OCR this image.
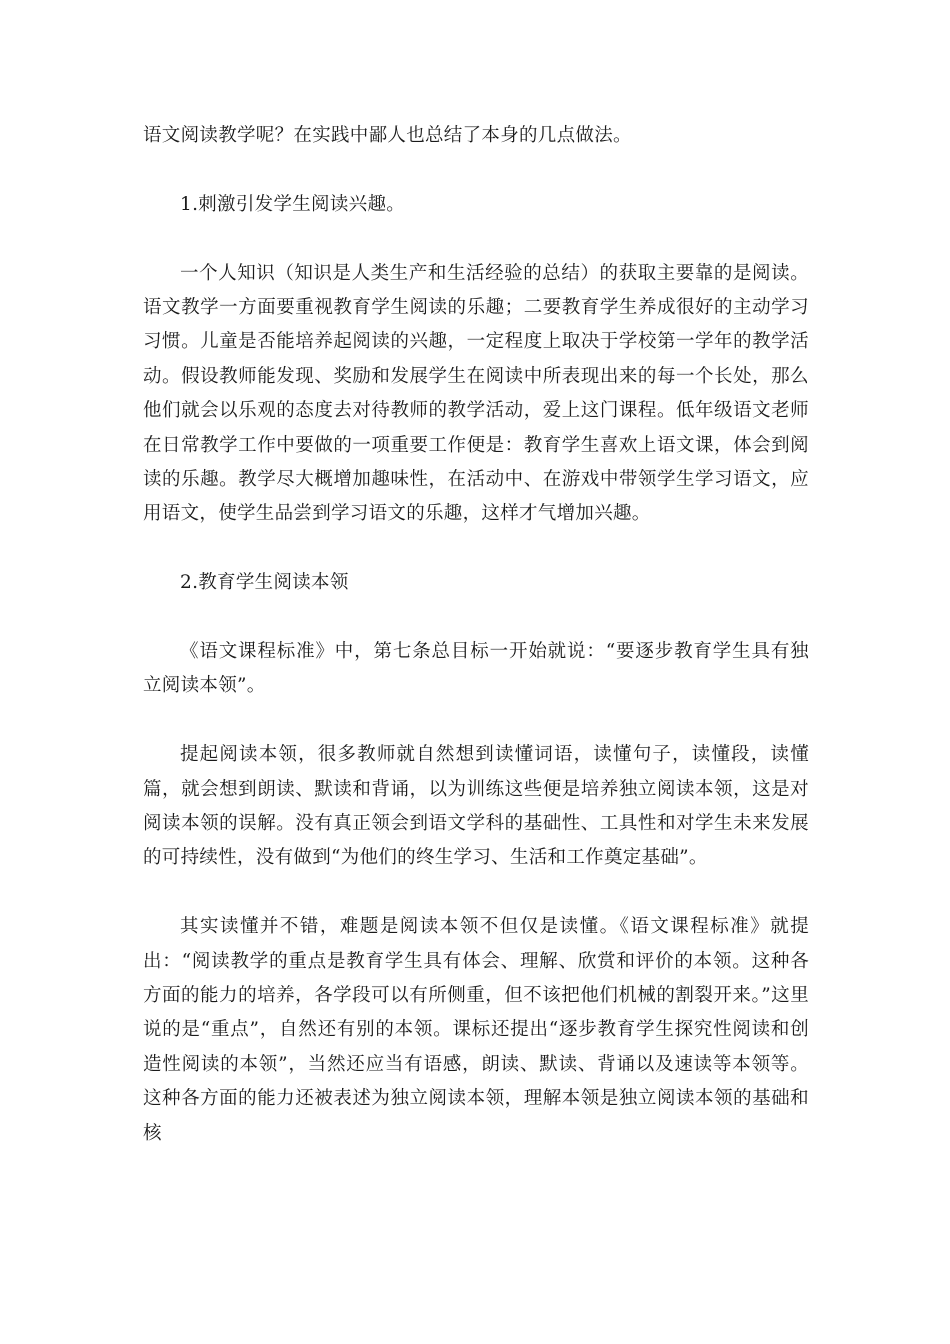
语文阅读教学呢？在实践中鄙人也总结了本身的几点做法。

1.刺激引发学生阅读兴趣。

一个人知识（知识是人类生产和生活经验的总结）的获取主要靠的是阅读。语文教学一方面要重视教育学生阅读的乐趣；二要教育学生养成很好的主动学习习惯。儿童是否能培养起阅读的兴趣，一定程度上取决于学校第一学年的教学活动。假设教师能发现、奖励和发展学生在阅读中所表现出来的每一个长处，那么他们就会以乐观的态度去对待教师的教学活动，爱上这门课程。低年级语文老师在日常教学工作中要做的一项重要工作便是：教育学生喜欢上语文课，体会到阅读的乐趣。教学尽大概增加趣味性，在活动中、在游戏中带领学生学习语文，应用语文，使学生品尝到学习语文的乐趣，这样才气增加兴趣。

2.教育学生阅读本领

《语文课程标准》中，第七条总目标一开始就说：“要逐步教育学生具有独立阅读本领”。

提起阅读本领，很多教师就自然想到读懂词语，读懂句子，读懂段，读懂篇，就会想到朗读、默读和背诵，以为训练这些便是培养独立阅读本领，这是对阅读本领的误解。没有真正领会到语文学科的基础性、工具性和对学生未来发展的可持续性，没有做到“为他们的终生学习、生活和工作奠定基础”。

其实读懂并不错，难题是阅读本领不但仅是读懂。《语文课程标准》就提出：“阅读教学的重点是教育学生具有体会、理解、欣赏和评价的本领。这种各方面的能力的培养，各学段可以有所侧重，但不该把他们机械的割裂开来。”这里说的是“重点”，自然还有别的本领。课标还提出“逐步教育学生探究性阅读和创造性阅读的本领”，当然还应当有语感，朗读、默读、背诵以及速读等本领等。这种各方面的能力还被表述为独立阅读本领，理解本领是独立阅读本领的基础和核
